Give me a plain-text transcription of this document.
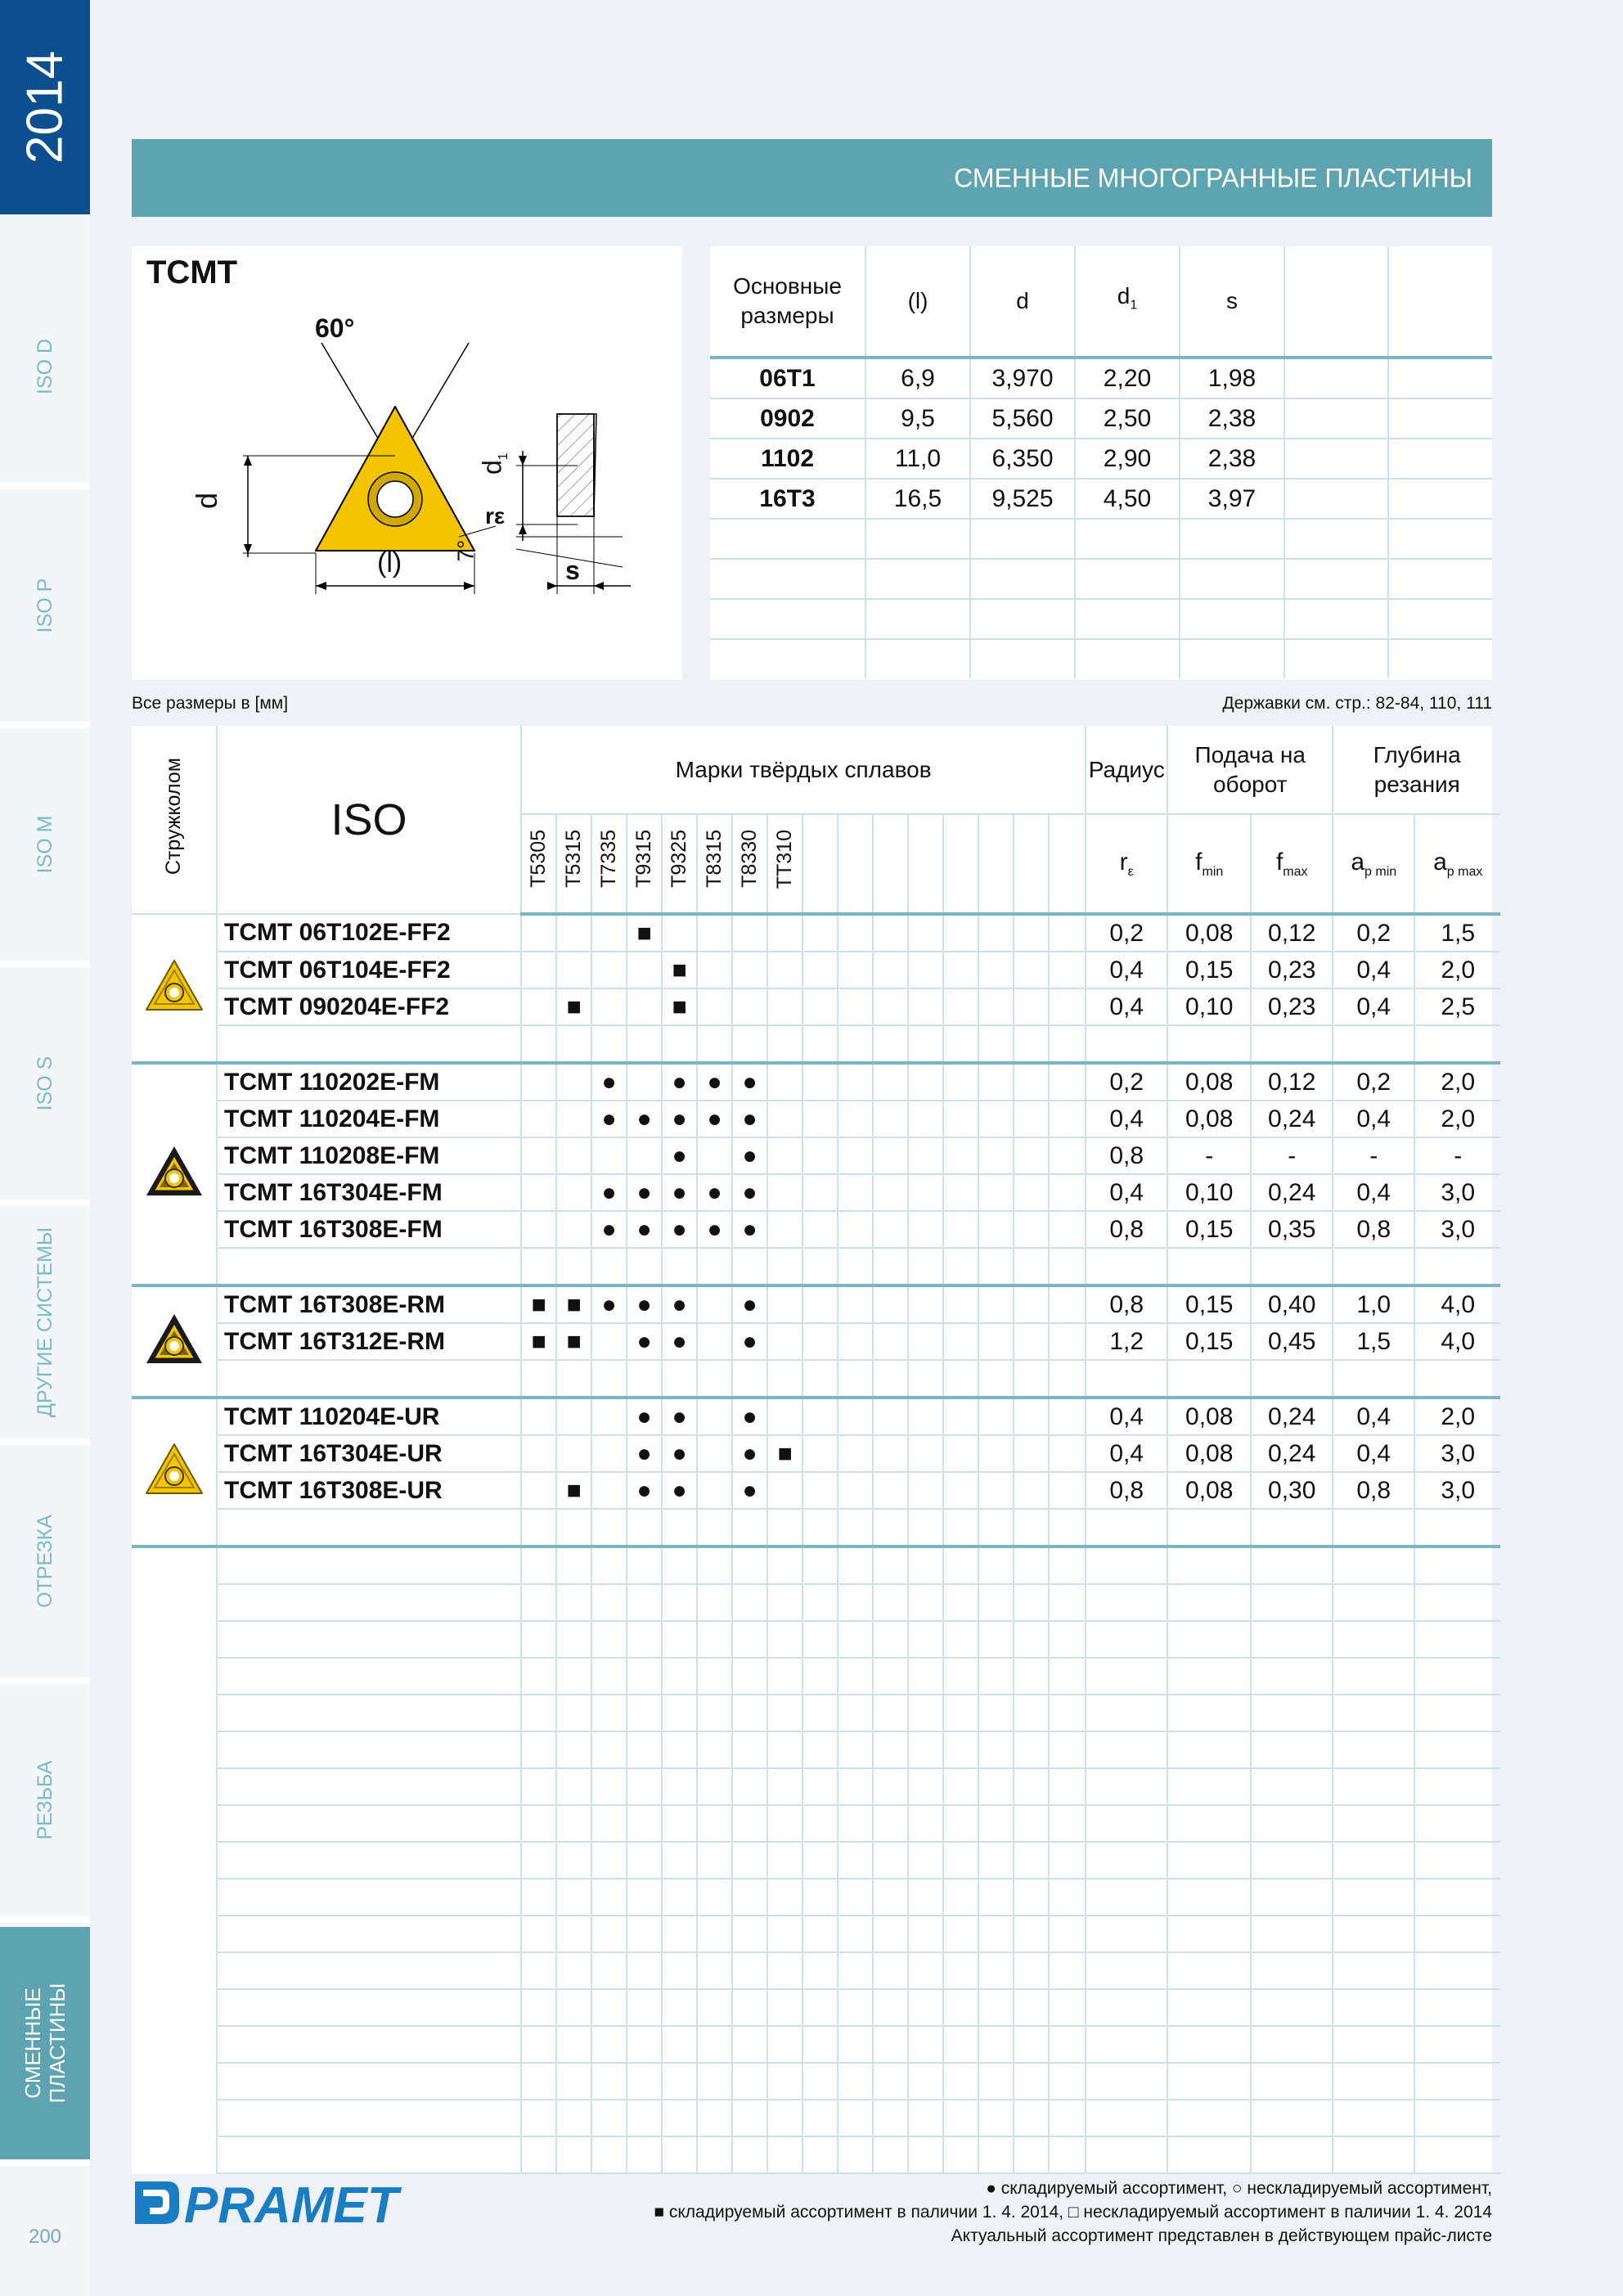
2014
ISO D
ISO P
ISO M
ISO S
ДРУГИЕ СИСТЕМЫ
ОТРЕЗКА
РЕЗЬБА
СМЕННЫЕ ПЛАСТИНЫ
200
СМЕННЫЕ МНОГОГРАННЫЕ ПЛАСТИНЫ
TCMT
60°
d
(l)
rε
$d_1$
7°
s
Основные размеры	(l)	d	$d_1$	s		
06T1	6,9	3,970	2,20	1,98		
0902	9,5	5,560	2,50	2,38		
1102	11,0	6,350	2,90	2,38		
16T3	16,5	9,525	4,50	3,97		

Все размеры в [мм]	Державки см. стр.: 82-84, 110, 111
Стружколом	ISO	Марки твёрдых сплавов																Радиус	Подача на оборот		Глубина резания	
		T5305	T5315	T7335	T9315	T9325	T8315	T8330	TT310									$r_\varepsilon$	$f_{min}$	$f_{max}$	$a_{p min}$	$a_{p max}$
	TCMT 06T102E-FF2				■													0,2	0,08	0,12	0,2	1,5
	TCMT 06T104E-FF2					■												0,4	0,15	0,23	0,4	2,0
	TCMT 090204E-FF2		■			■												0,4	0,10	0,23	0,4	2,5

	TCMT 110202E-FM			●		●	●	●										0,2	0,08	0,12	0,2	2,0
	TCMT 110204E-FM			●	●	●	●	●										0,4	0,08	0,24	0,4	2,0
	TCMT 110208E-FM					●		●										0,8	-	-	-	-
	TCMT 16T304E-FM			●	●	●	●	●										0,4	0,10	0,24	0,4	3,0
	TCMT 16T308E-FM			●	●	●	●	●										0,8	0,15	0,35	0,8	3,0

	TCMT 16T308E-RM	■	■	●	●	●		●										0,8	0,15	0,40	1,0	4,0
	TCMT 16T312E-RM	■	■		●	●		●										1,2	0,15	0,45	1,5	4,0

	TCMT 110204E-UR				●	●		●										0,4	0,08	0,24	0,4	2,0
	TCMT 16T304E-UR				●	●		●	■									0,4	0,08	0,24	0,4	3,0
	TCMT 16T308E-UR		■		●	●		●										0,8	0,08	0,30	0,8	3,0

PRAMET	● складируемый ассортимент, ○ несклaдируемый ассортимент,
■ складируемый ассортимент в паличии 1. 4. 2014, □ несклaдируемый ассортимент в паличии 1. 4. 2014
Актуальный ассортимент представлен в действующем прайс-листе
